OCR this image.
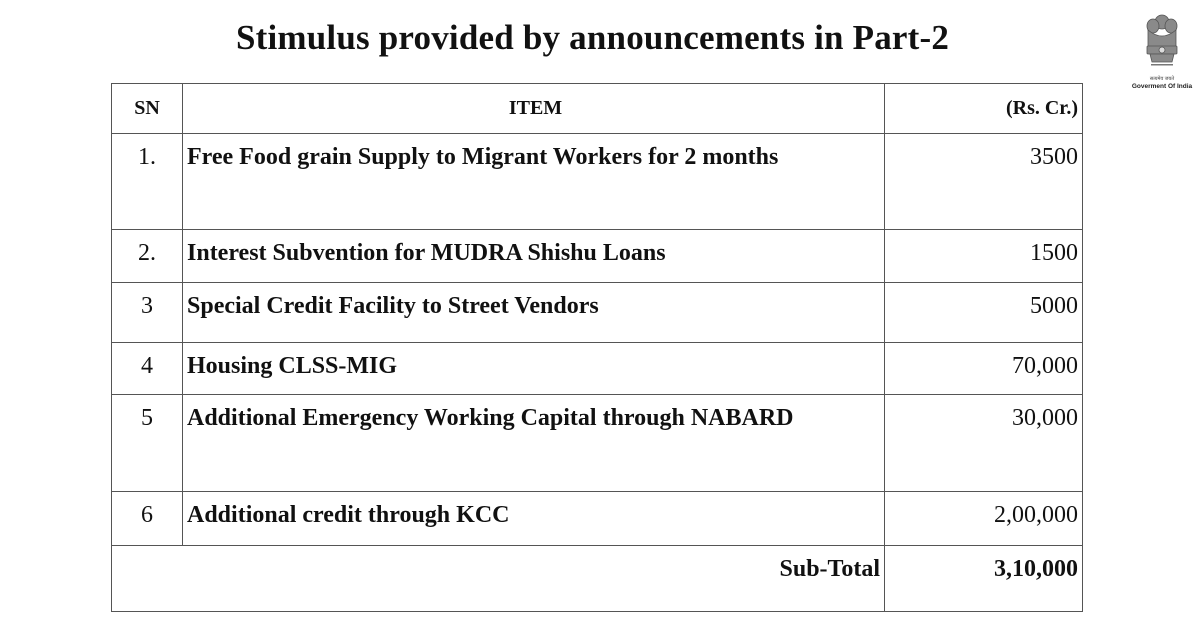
Stimulus provided by announcements in Part-2
सत्यमेव जयते
Goverment Of India
SN	ITEM	(Rs. Cr.)
1.	Free Food grain Supply to Migrant Workers for 2 months	3500
2.	Interest Subvention for MUDRA Shishu Loans	1500
3	Special Credit Facility to Street Vendors	5000
4	Housing CLSS-MIG	70,000
5	Additional Emergency Working Capital through NABARD	30,000
6	Additional credit through KCC	2,00,000
Sub-Total		3,10,000
